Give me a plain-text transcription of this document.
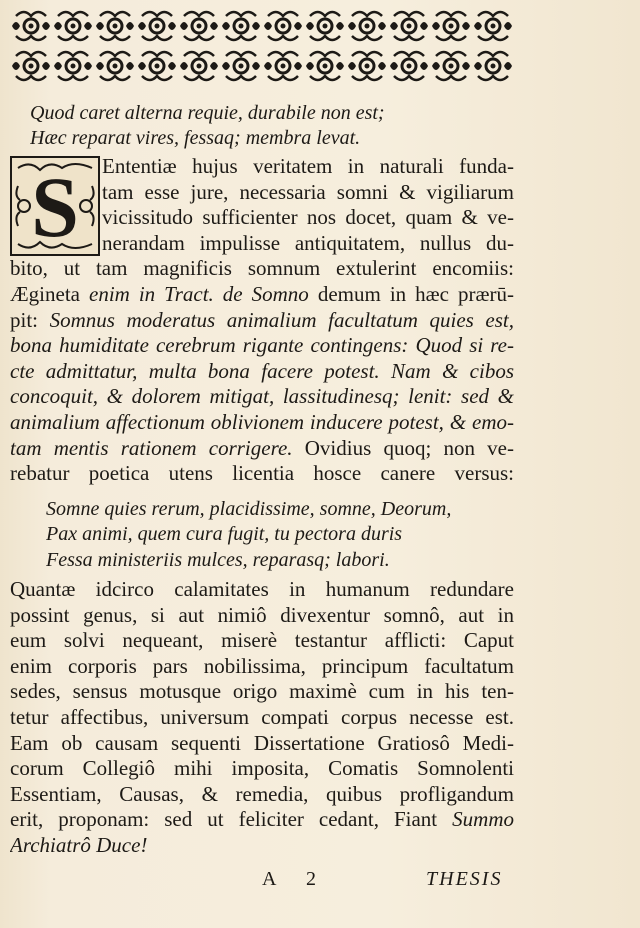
Quod caret alterna requie, durabile non est;
Hæc reparat vires, fessaq; membra levat.
S Ententiæ hujus veritatem in naturali funda-
tam esse jure, necessaria somni & vigiliarum
vicissitudo sufficienter nos docet, quam & ve-
nerandam impulisse antiquitatem, nullus du-
bito, ut tam magnificis somnum extulerint encomiis:
Ægineta enim in Tract. de Somno demum in hæc prærū-
pit: Somnus moderatus animalium facultatum quies est,
bona humiditate cerebrum rigante contingens: Quod si re-
cte admittatur, multa bona facere potest. Nam & cibos
concoquit, & dolorem mitigat, lassitudinesq; lenit: sed &
animalium affectionum oblivionem inducere potest, & emo-
tam mentis rationem corrigere. Ovidius quoq; non ve-
rebatur poetica utens licentia hosce canere versus:
Somne quies rerum, placidissime, somne, Deorum,
Pax animi, quem cura fugit, tu pectora duris
Fessa ministeriis mulces, reparasq; labori.
Quantæ idcirco calamitates in humanum redundare
possint genus, si aut nimiô divexentur somnô, aut in
eum solvi nequeant, miserè testantur afflicti: Caput
enim corporis pars nobilissima, principum facultatum
sedes, sensus motusque origo maximè cum in his ten-
tetur affectibus, universum compati corpus necesse est.
Eam ob causam sequenti Dissertatione Gratiosô Medi-
corum Collegiô mihi imposita, Comatis Somnolenti
Essentiam, Causas, & remedia, quibus profligandum
erit, proponam: sed ut feliciter cedant, Fiant Summo
Archiatrô Duce!
A 2	THESIS
